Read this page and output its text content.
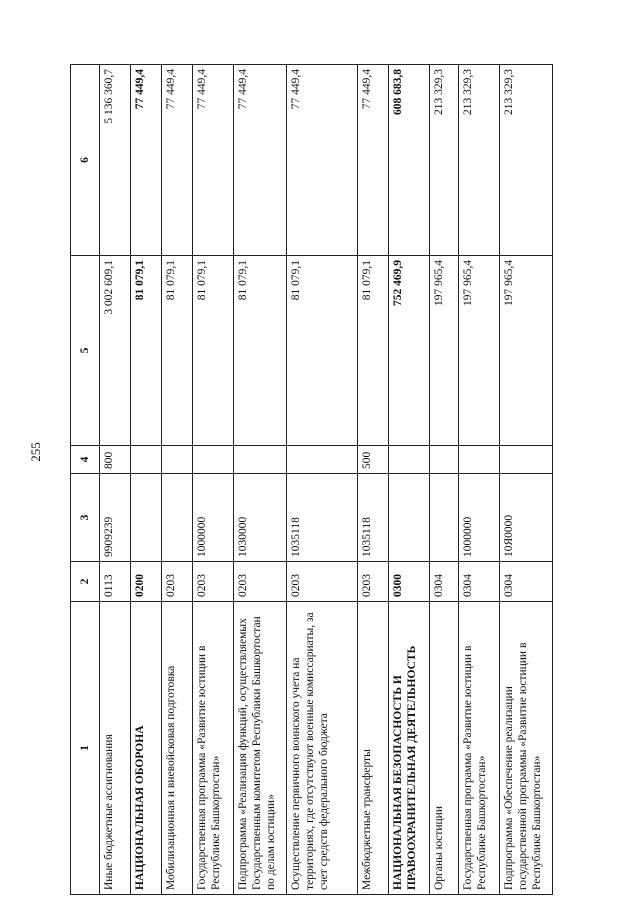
255
1	2	3	4	5	6
Иные бюджетные ассигнования	0113	9909239	800	3 002 609,1	5 136 360,7
НАЦИОНАЛЬНАЯ ОБОРОНА	0200			81 079,1	77 449,4
Мобилизационная и вневойсковая подготовка	0203			81 079,1	77 449,4
Государственная программа «Развитие юстиции в Республике Башкортостан»	0203	1000000		81 079,1	77 449,4
Подпрограмма «Реализация функций, осуществляемых Государственным комитетом Республики Башкортостан по делам юстиции»	0203	1030000		81 079,1	77 449,4
Осуществление первичного воинского учета на территориях, где отсутствуют военные комиссариаты, за счет средств федерального бюджета	0203	1035118		81 079,1	77 449,4
Межбюджетные трансферты	0203	1035118	500	81 079,1	77 449,4
НАЦИОНАЛЬНАЯ БЕЗОПАСНОСТЬ И ПРАВООХРАНИТЕЛЬНАЯ ДЕЯТЕЛЬНОСТЬ	0300			752 469,9	608 683,8
Органы юстиции	0304			197 965,4	213 329,3
Государственная программа «Развитие юстиции в Республике Башкортостан»	0304	1000000		197 965,4	213 329,3
Подпрограмма «Обеспечение реализации государственной программы «Развитие юстиции в Республике Башкортостан»	0304	10Я0000		197 965,4	213 329,3
